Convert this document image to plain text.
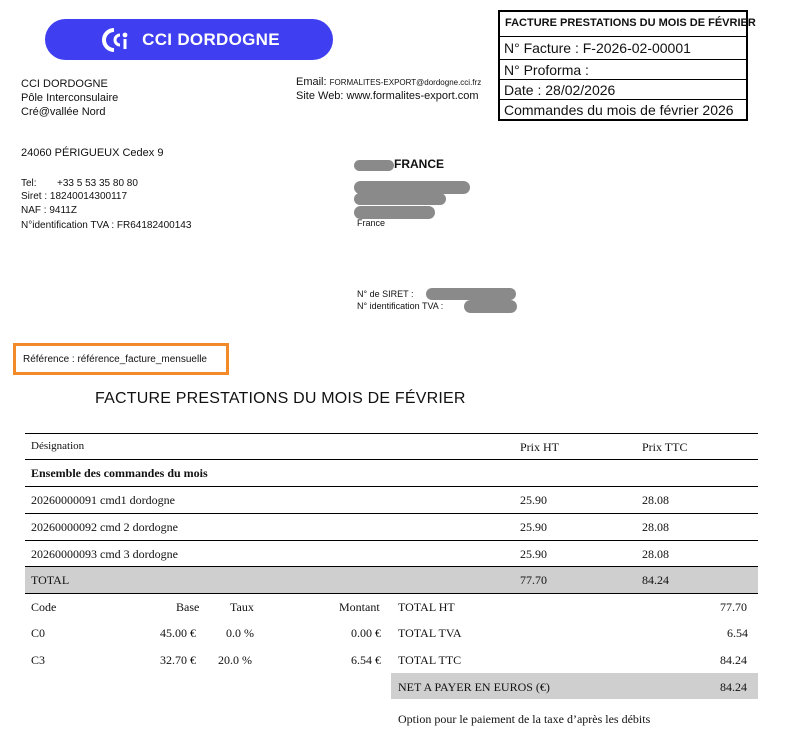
CCI DORDOGNE
FACTURE PRESTATIONS DU MOIS DE FÉVRIER
N° Facture : F-2026-02-00001
N° Proforma :
Date : 28/02/2026
Commandes du mois de février 2026
CCI DORDOGNE
Pôle Interconsulaire
Cré@vallée Nord
24060 PÉRIGUEUX Cedex 9
Tel: +33 5 53 35 80 80
Siret : 18240014300117
NAF : 9411Z
N°identification TVA : FR64182400143
Email: FORMALITES-EXPORT@dordogne.cci.frz
Site Web: www.formalites-export.com
FRANCE
France
N° de SIRET :
N° identification TVA :
Référence : référence_facture_mensuelle
FACTURE PRESTATIONS DU MOIS DE FÉVRIER
Désignation	Prix HT	Prix TTC
Ensemble des commandes du mois
20260000091 cmd1 dordogne	25.90	28.08
20260000092 cmd 2 dordogne	25.90	28.08
20260000093 cmd 3 dordogne	25.90	28.08
TOTAL	77.70	84.24
Code	Base	Taux	Montant
C0	45.00 €	0.0 %	0.00 €
C3	32.70 € 20.0 %	6.54 €
TOTAL HT	77.70
TOTAL TVA	6.54
TOTAL TTC	84.24
NET A PAYER EN EUROS (€)	84.24
Option pour le paiement de la taxe d’après les débits
